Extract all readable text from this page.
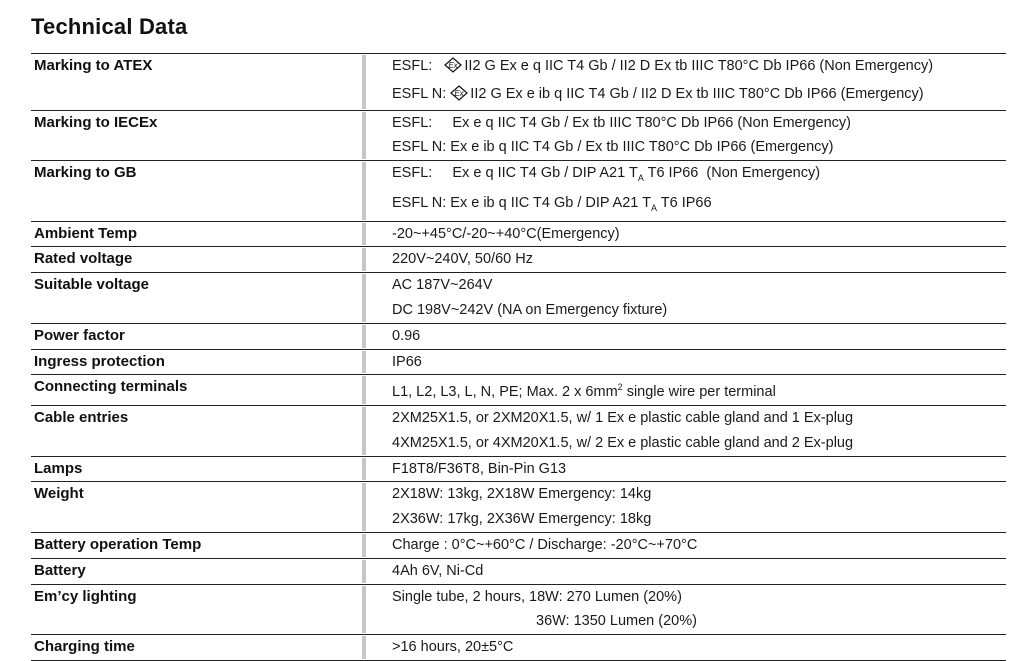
Technical Data
Marking to ATEX	ESFL: Ex II2 G Ex e q IIC T4 Gb / II2 D Ex tb IIIC T80°C Db IP66 (Non Emergency)
ESFL N: Ex II2 G Ex e ib q IIC T4 Gb / II2 D Ex tb IIIC T80°C Db IP66 (Emergency)
Marking to IECEx	ESFL:     Ex e q IIC T4 Gb / Ex tb IIIC T80°C Db IP66 (Non Emergency)
ESFL N: Ex e ib q IIC T4 Gb / Ex tb IIIC T80°C Db IP66 (Emergency)
Marking to GB	ESFL:     Ex e q IIC T4 Gb / DIP A21 $T_A$ T6 IP66  (Non Emergency)
ESFL N: Ex e ib q IIC T4 Gb / DIP A21 $T_A$ T6 IP66
Ambient Temp	-20~+45°C/-20~+40°C(Emergency)
Rated voltage	220V~240V, 50/60 Hz
Suitable voltage	AC 187V~264V
DC 198V~242V (NA on Emergency fixture)
Power factor	0.96
Ingress protection	IP66
Connecting terminals	L1, L2, L3, L, N, PE; Max. 2 x $6mm^2$ single wire per terminal
Cable entries	2XM25X1.5, or 2XM20X1.5, w/ 1 Ex e plastic cable gland and 1 Ex-plug
4XM25X1.5, or 4XM20X1.5, w/ 2 Ex e plastic cable gland and 2 Ex-plug
Lamps	F18T8/F36T8, Bin-Pin G13
Weight	2X18W: 13kg, 2X18W Emergency: 14kg
2X36W: 17kg, 2X36W Emergency: 18kg
Battery operation Temp	Charge : 0°C~+60°C / Discharge: -20°C~+70°C
Battery	4Ah 6V, Ni-Cd
Em’cy lighting	Single tube, 2 hours, 18W: 270 Lumen (20%)
36W: 1350 Lumen (20%)
Charging time	>16 hours, 20±5°C
